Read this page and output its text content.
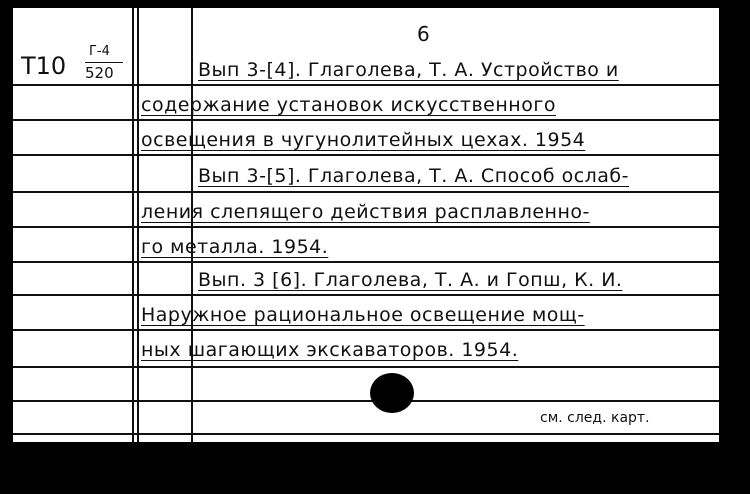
6
Т10
Г-4
520	Вып 3-[4]. Глаголева, Т. А. Устройство и
содержание установок искусственного
освещения в чугунолитейных цехах. 1954
Вып 3-[5]. Глаголева, Т. А. Способ ослаб-
ления слепящего действия расплавленно-
го металла. 1954.
Вып. 3 [6]. Глаголева, Т. А. и Гопш, К. И.
Наружное рациональное освещение мощ-
ных шагающих экскаваторов. 1954.
см. след. карт.
